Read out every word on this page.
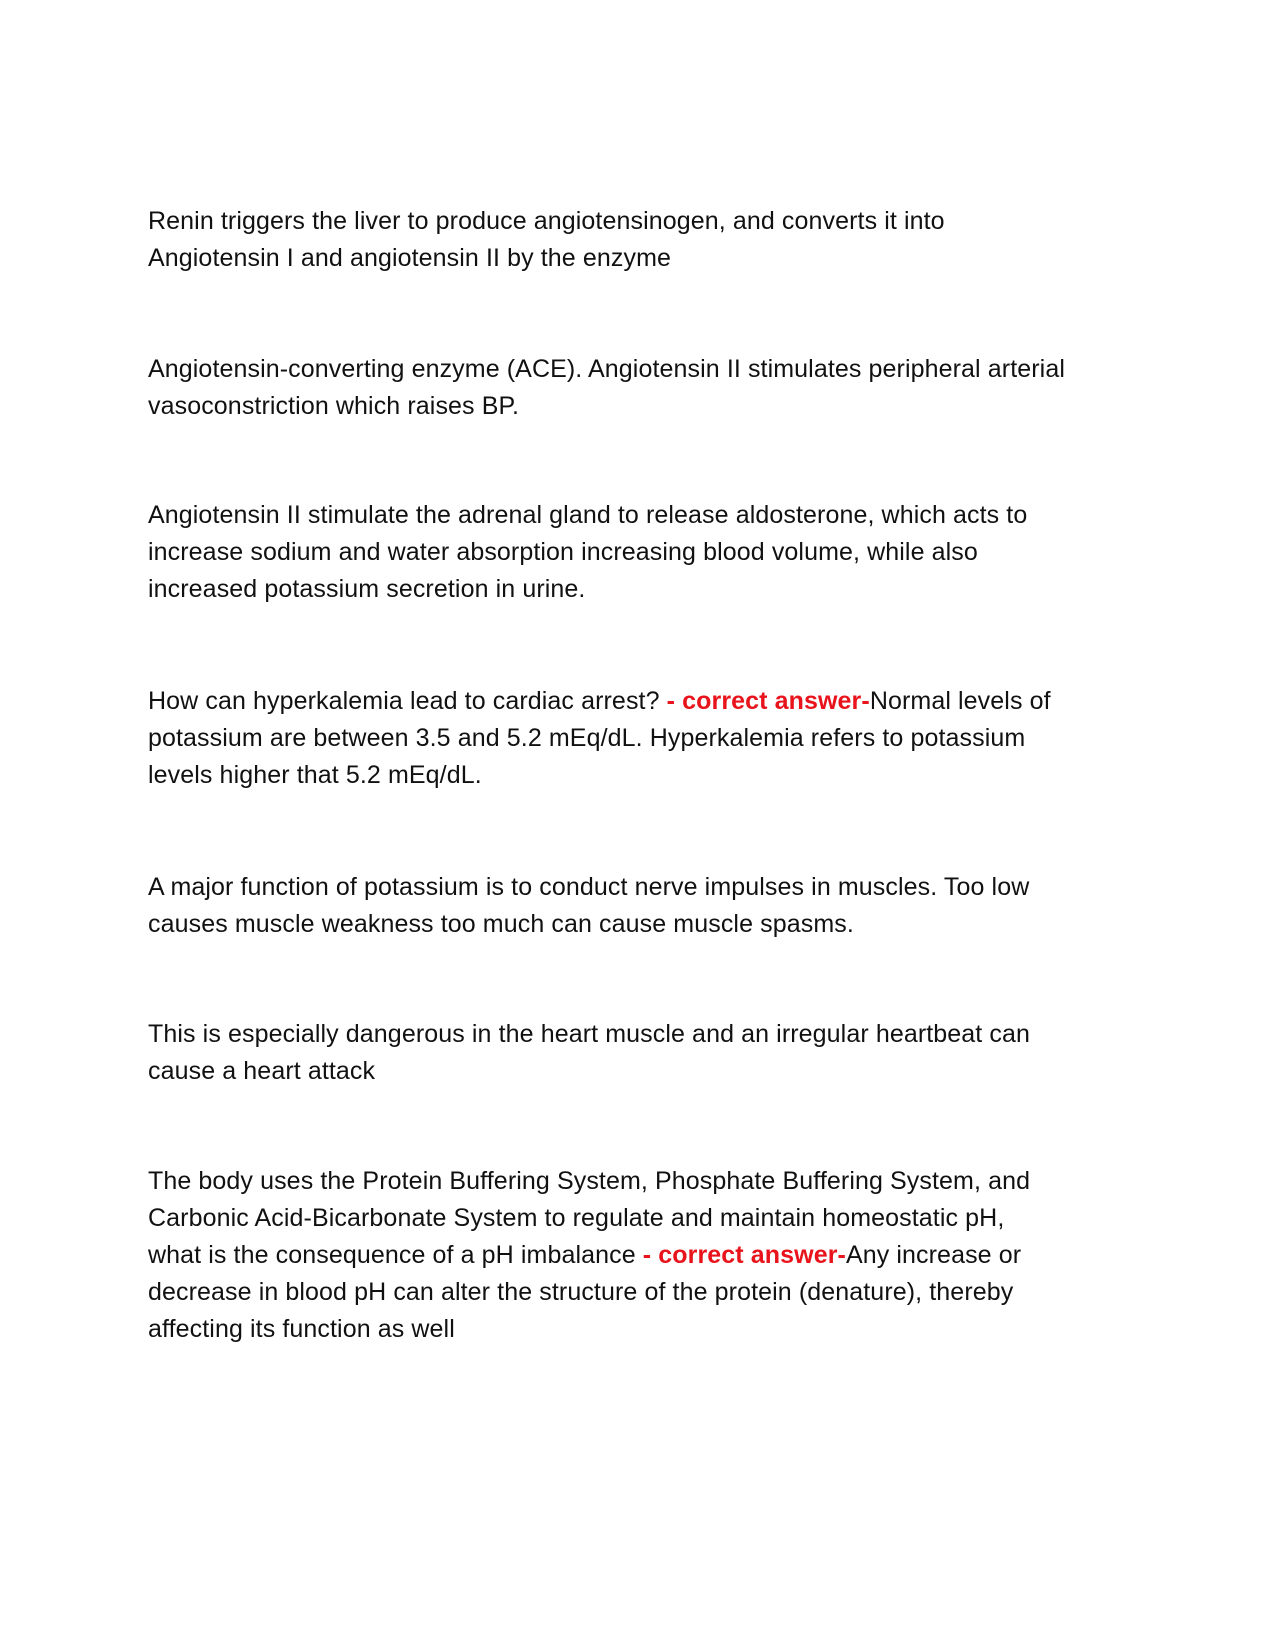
Renin triggers the liver to produce angiotensinogen, and converts it into
Angiotensin I and angiotensin II by the enzyme

Angiotensin-converting enzyme (ACE). Angiotensin II stimulates peripheral arterial
vasoconstriction which raises BP.

Angiotensin II stimulate the adrenal gland to release aldosterone, which acts to
increase sodium and water absorption increasing blood volume, while also
increased potassium secretion in urine.

How can hyperkalemia lead to cardiac arrest? - correct answer-Normal levels of
potassium are between 3.5 and 5.2 mEq/dL. Hyperkalemia refers to potassium
levels higher that 5.2 mEq/dL.

A major function of potassium is to conduct nerve impulses in muscles. Too low
causes muscle weakness too much can cause muscle spasms.

This is especially dangerous in the heart muscle and an irregular heartbeat can
cause a heart attack

The body uses the Protein Buffering System, Phosphate Buffering System, and
Carbonic Acid-Bicarbonate System to regulate and maintain homeostatic pH,
what is the consequence of a pH imbalance - correct answer-Any increase or
decrease in blood pH can alter the structure of the protein (denature), thereby
affecting its function as well
